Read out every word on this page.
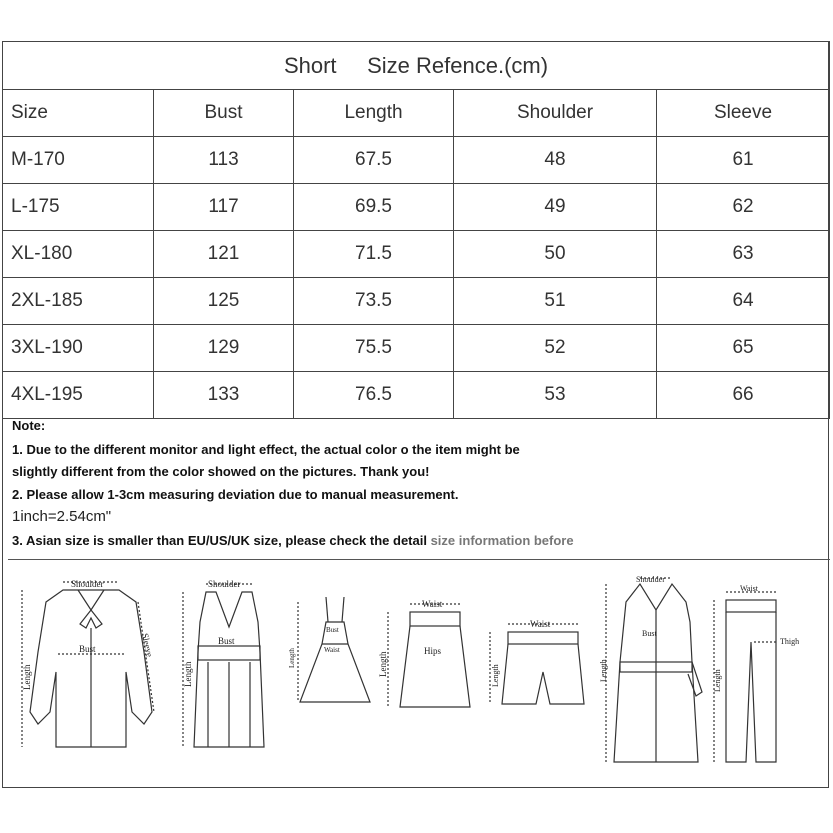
Short Size Refence.(cm)				
Size	Bust	Length	Shoulder	Sleeve
M-170	113	67.5	48	61
L-175	117	69.5	49	62
XL-180	121	71.5	50	63
2XL-185	125	73.5	51	64
3XL-190	129	75.5	52	65
4XL-195	133	76.5	53	66
Note:
1. Due to the different monitor and light effect, the actual color o the item might be
slightly different from the color showed on the pictures. Thank you!
2. Please allow 1-3cm measuring deviation due to manual measurement.
1inch=2.54cm"
3. Asian size is smaller than EU/US/UK size, please check the detail size information before
Shoulder
Bust
Length
Sleeve
Shoulder
Bust
Length
Bust
Waist
Length
Waist
Hips
Length
Waist
Length
Shoulder
Bust
Length
Waist
Thigh
Length
